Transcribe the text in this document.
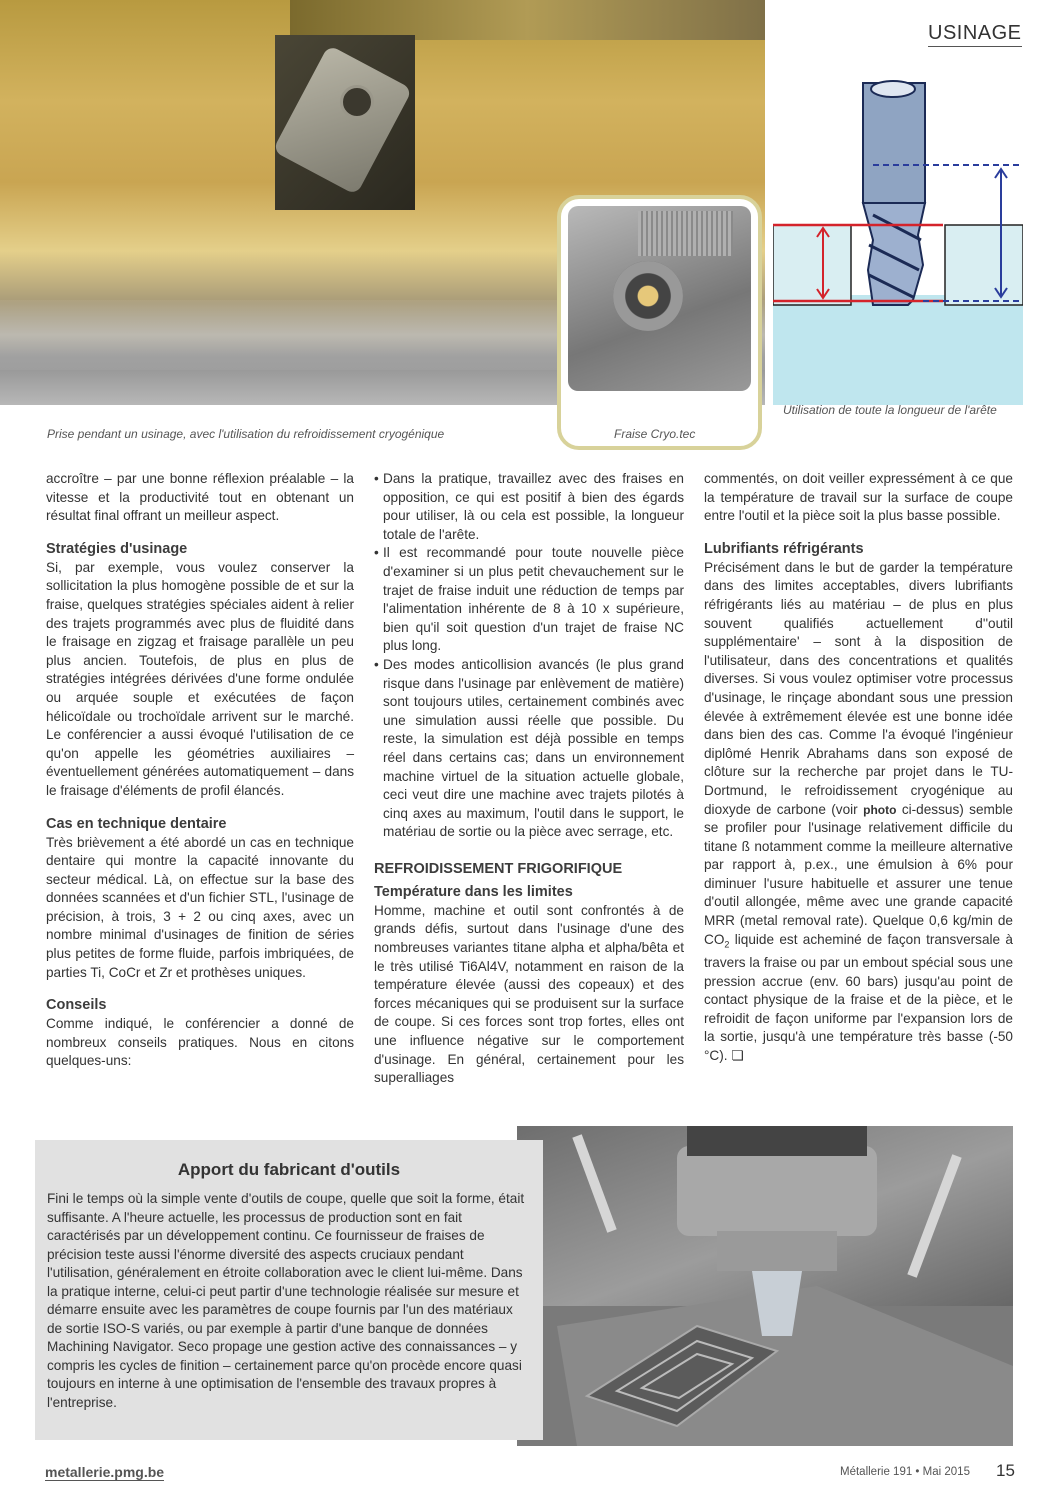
Prise pendant un usinage, avec l'utilisation du refroidissement cryogénique	Fraise Cryo.tec
USINAGE
Utilisation de toute la longueur de l'arête

accroître – par une bonne réflexion préalable – la vitesse et la productivité tout en obtenant un résultat final offrant un meilleur aspect.

Stratégies d'usinage

Si, par exemple, vous voulez conserver la sollicitation la plus homogène possible de et sur la fraise, quelques stratégies spéciales aident à relier des trajets programmés avec plus de fluidité dans le fraisage en zigzag et fraisage parallèle un peu plus ancien. Toutefois, de plus en plus de stratégies intégrées dérivées d'une forme ondulée ou arquée souple et exécutées de façon hélicoïdale ou trochoïdale arrivent sur le marché. Le conférencier a aussi évoqué l'utilisation de ce qu'on appelle les géométries auxiliaires – éventuellement générées automatiquement – dans le fraisage d'éléments de profil élancés.

Cas en technique dentaire

Très brièvement a été abordé un cas en technique dentaire qui montre la capacité innovante du secteur médical. Là, on effectue sur la base des données scannées et d'un fichier STL, l'usinage de précision, à trois, 3 + 2 ou cinq axes, avec un nombre minimal d'usinages de finition de séries plus petites de forme fluide, parfois imbriquées, de parties Ti, CoCr et Zr et prothèses uniques.

Conseils

Comme indiqué, le conférencier a donné de nombreux conseils pratiques. Nous en citons quelques-uns:

• Dans la pratique, travaillez avec des fraises en opposition, ce qui est positif à bien des égards pour utiliser, là ou cela est possible, la longueur totale de l'arête.
• Il est recommandé pour toute nouvelle pièce d'examiner si un plus petit chevauchement sur le trajet de fraise induit une réduction de temps par l'alimentation inhérente de 8 à 10 x supérieure, bien qu'il soit question d'un trajet de fraise NC plus long.
• Des modes anticollision avancés (le plus grand risque dans l'usinage par enlèvement de matière) sont toujours utiles, certainement combinés avec une simulation aussi réelle que possible. Du reste, la simulation est déjà possible en temps réel dans certains cas; dans un environnement machine virtuel de la situation actuelle globale, ceci veut dire une machine avec trajets pilotés à cinq axes au maximum, l'outil dans le support, le matériau de sortie ou la pièce avec serrage, etc.
REFROIDISSEMENT FRIGORIFIQUE
Température dans les limites

Homme, machine et outil sont confrontés à de grands défis, surtout dans l'usinage d'une des nombreuses variantes titane alpha et alpha/bêta et le très utilisé Ti6Al4V, notamment en raison de la température élevée (aussi des copeaux) et des forces mécaniques qui se produisent sur la surface de coupe. Si ces forces sont trop fortes, elles ont une influence négative sur le comportement d'usinage. En général, certainement pour les superalliages

commentés, on doit veiller expressément à ce que la température de travail sur la surface de coupe entre l'outil et la pièce soit la plus basse possible.

Lubrifiants réfrigérants

Précisément dans le but de garder la température dans des limites acceptables, divers lubrifiants réfrigérants liés au matériau – de plus en plus souvent qualifiés actuellement d''outil supplémentaire' – sont à la disposition de l'utilisateur, dans des concentrations et qualités diverses. Si vous voulez optimiser votre processus d'usinage, le rinçage abondant sous une pression élevée à extrêmement élevée est une bonne idée dans bien des cas. Comme l'a évoqué l'ingénieur diplômé Henrik Abrahams dans son exposé de clôture sur la recherche par projet dans le TU-Dortmund, le refroidissement cryogénique au dioxyde de carbone (voir photo ci-dessus) semble se profiler pour l'usinage relativement difficile du titane ß notamment comme la meilleure alternative par rapport à, p.ex., une émulsion à 6% pour diminuer l'usure habituelle et assurer une tenue d'outil allongée, même avec une grande capacité MRR (metal removal rate). Quelque 0,6 kg/min de $CO_2$ liquide est acheminé de façon transversale à travers la fraise ou par un embout spécial sous une pression accrue (env. 60 bars) jusqu'au point de contact physique de la fraise et de la pièce, et le refroidit de façon uniforme par l'expansion lors de la sortie, jusqu'à une température très basse (-50 °C). ❏

Apport du fabricant d'outils

Fini le temps où la simple vente d'outils de coupe, quelle que soit la forme, était suffisante. A l'heure actuelle, les processus de production sont en fait caractérisés par un développement continu. Ce fournisseur de fraises de précision teste aussi l'énorme diversité des aspects cruciaux pendant l'utilisation, généralement en étroite collaboration avec le client lui-même. Dans la pratique interne, celui-ci peut partir d'une technologie réalisée sur mesure et démarre ensuite avec les paramètres de coupe fournis par l'un des matériaux de sortie ISO-S variés, ou par exemple à partir d'une banque de données Machining Navigator. Seco propage une gestion active des connaissances – y compris les cycles de finition – certainement parce qu'on procède encore quasi toujours en interne à une optimisation de l'ensemble des travaux propres à l'entreprise.

metallerie.pmg.be	Métallerie 191 • Mai 2015 15
